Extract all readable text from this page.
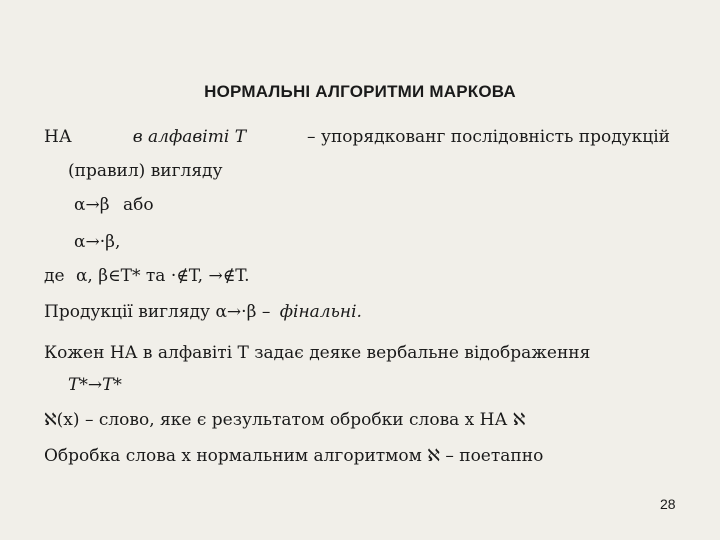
НОРМАЛЬНІ АЛГОРИТМИ МАРКОВА
НА	в алфавіті T	– упорядкованг послідовність продукцій
(правил) вигляду
α→β або
α→·β,
де α, β∈T* та ·∉T, →∉T.
Продукції вигляду α→·β – фінальні.
Кожен НА в алфавіті T задає деяке вербальне відображення
T*→T*
ℵ(x) – слово, яке є результатом обробки слова x НА ℵ
Обробка слова x нормальним алгоритмом ℵ – поетапно
28
